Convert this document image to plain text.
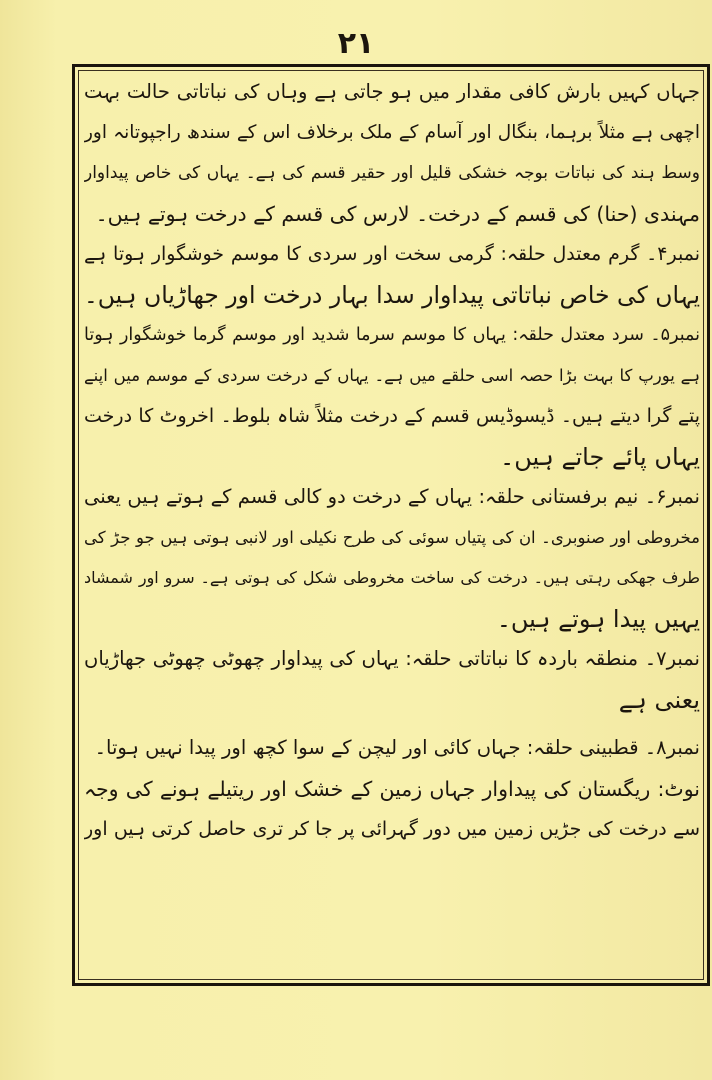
۲۱
جہاں کہیں بارش کافی مقدار میں ہو جاتی ہے وہاں کی نباتاتی حالت بہت
اچھی ہے مثلاً برہما، بنگال اور آسام کے ملک برخلاف اس کے سندھ راجپوتانہ اور
وسط ہند کی نباتات بوجہ خشکی قلیل اور حقیر قسم کی ہے۔ یہاں کی خاص پیداوار
مہندی (حنا) کی قسم کے درخت۔ لارس کی قسم کے درخت ہوتے ہیں۔
نمبر۴۔ گرم معتدل حلقہ: گرمی سخت اور سردی کا موسم خوشگوار ہوتا ہے
یہاں کی خاص نباتاتی پیداوار سدا بہار درخت اور جھاڑیاں ہیں۔
نمبر۵۔ سرد معتدل حلقہ: یہاں کا موسم سرما شدید اور موسم گرما خوشگوار ہوتا
ہے یورپ کا بہت بڑا حصہ اسی حلقے میں ہے۔ یہاں کے درخت سردی کے موسم میں اپنے
پتے گرا دیتے ہیں۔ ڈیسوڈیس قسم کے درخت مثلاً شاہ بلوط۔ اخروٹ کا درخت
یہاں پائے جاتے ہیں۔
نمبر۶۔ نیم برفستانی حلقہ: یہاں کے درخت دو کالی قسم کے ہوتے ہیں یعنی
مخروطی اور صنوبری۔ ان کی پتیاں سوئی کی طرح نکیلی اور لانبی ہوتی ہیں جو جڑ کی
طرف جھکی رہتی ہیں۔ درخت کی ساخت مخروطی شکل کی ہوتی ہے۔ سرو اور شمشاد
یہیں پیدا ہوتے ہیں۔
نمبر۷۔ منطقہ باردہ کا نباتاتی حلقہ: یہاں کی پیداوار چھوٹی چھوٹی جھاڑیاں
یعنی ہے
نمبر۸۔ قطبینی حلقہ: جہاں کائی اور لیچن کے سوا کچھ اور پیدا نہیں ہوتا۔
نوٹ: ریگستان کی پیداوار جہاں زمین کے خشک اور ریتیلے ہونے کی وجہ
سے درخت کی جڑیں زمین میں دور گہرائی پر جا کر تری حاصل کرتی ہیں اور
